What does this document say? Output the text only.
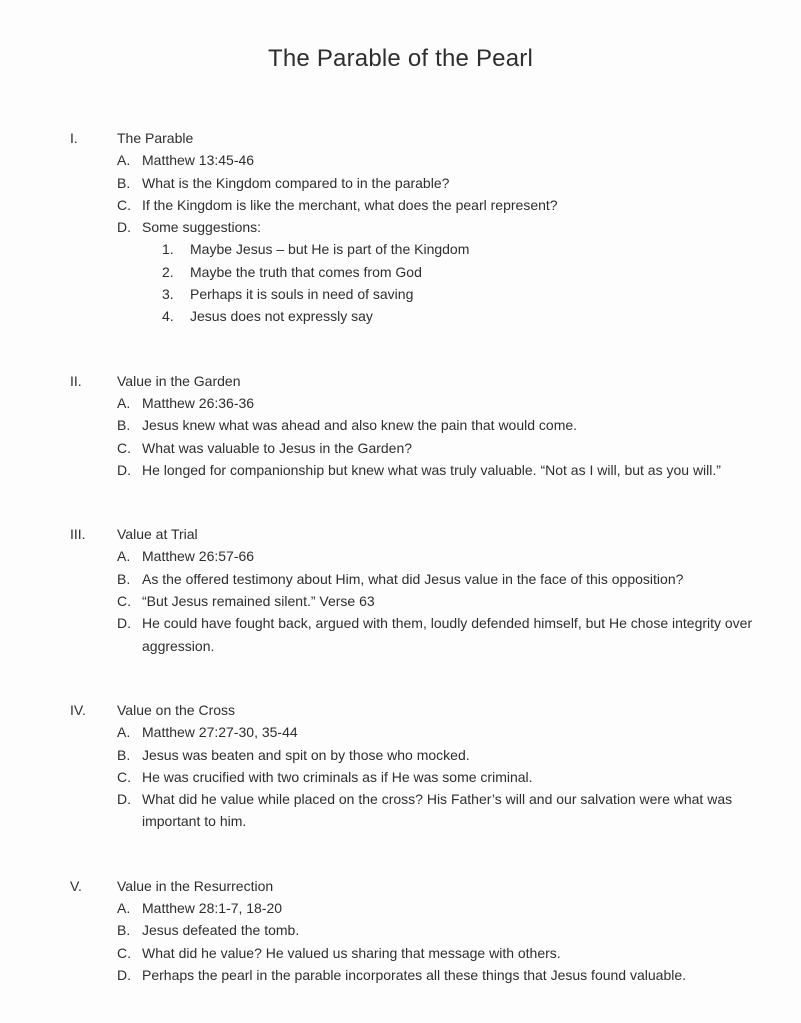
The Parable of the Pearl
I.	The Parable
A. Matthew 13:45-46
B. What is the Kingdom compared to in the parable?
C. If the Kingdom is like the merchant, what does the pearl represent?
D. Some suggestions:
1. Maybe Jesus – but He is part of the Kingdom
2. Maybe the truth that comes from God
3. Perhaps it is souls in need of saving
4. Jesus does not expressly say
II.	Value in the Garden
A. Matthew 26:36-36
B. Jesus knew what was ahead and also knew the pain that would come.
C. What was valuable to Jesus in the Garden?
D. He longed for companionship but knew what was truly valuable. “Not as I will, but as you will.”
III. Value at Trial
A. Matthew 26:57-66
B. As the offered testimony about Him, what did Jesus value in the face of this opposition?
C. “But Jesus remained silent.” Verse 63
D. He could have fought back, argued with them, loudly defended himself, but He chose integrity over aggression.
IV. Value on the Cross
A. Matthew 27:27-30, 35-44
B. Jesus was beaten and spit on by those who mocked.
C. He was crucified with two criminals as if He was some criminal.
D. What did he value while placed on the cross? His Father’s will and our salvation were what was important to him.
V.	Value in the Resurrection
A. Matthew 28:1-7, 18-20
B. Jesus defeated the tomb.
C. What did he value? He valued us sharing that message with others.
D. Perhaps the pearl in the parable incorporates all these things that Jesus found valuable.
